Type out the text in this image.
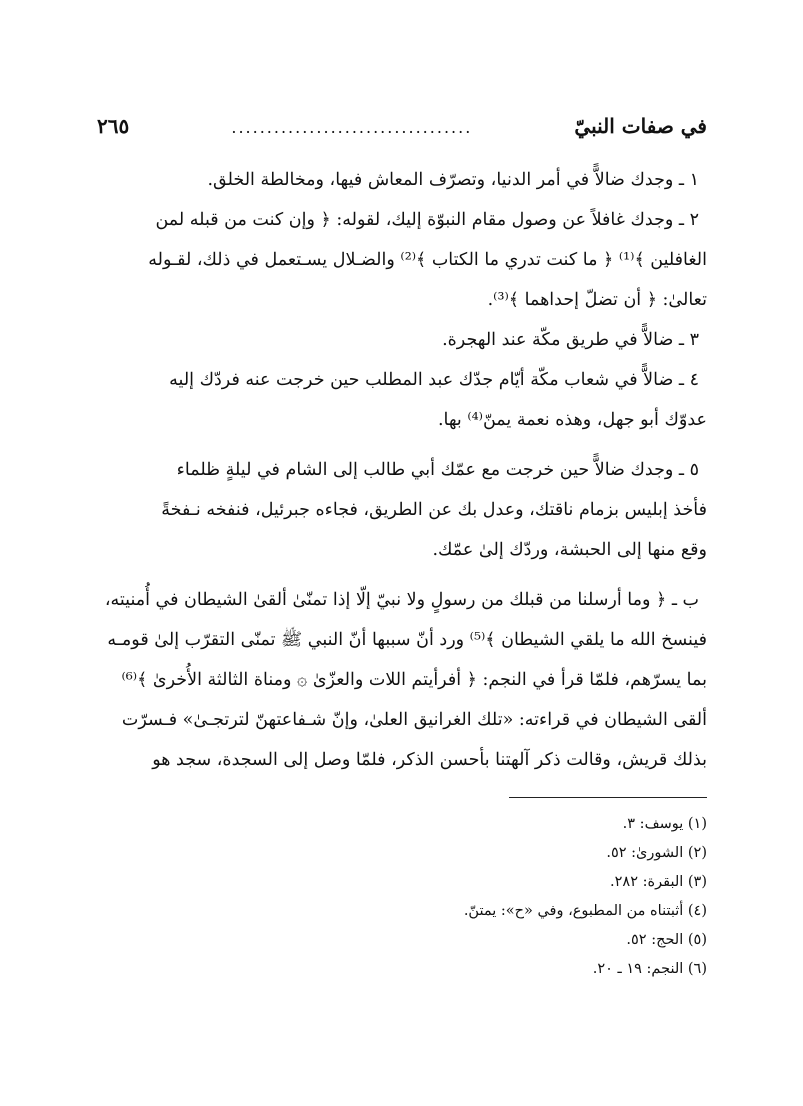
في صفات النبيّ
..................................
٢٦٥
١ ـ وجدك ضالاًّ في أمر الدنيا، وتصرّف المعاش فيها، ومخالطة الخلق.
٢ ـ وجدك غافلاً عن وصول مقام النبوّة إليك، لقوله: ﴿ وإن كنت من قبله لمن
الغافلين ﴾⁽¹⁾ ﴿ ما كنت تدري ما الكتاب ﴾⁽²⁾ والضـلال يسـتعمل في ذلك، لقـوله
تعالىٰ: ﴿ أن تضلّ إحداهما ﴾⁽³⁾.
٣ ـ ضالاًّ في طريق مكّة عند الهجرة.
٤ ـ ضالاًّ في شعاب مكّة أيّام جدّك عبد المطلب حين خرجت عنه فردّك إليه
عدوّك أبو جهل، وهذه نعمة يمنّ⁽⁴⁾ بها.
٥ ـ وجدك ضالاًّ حين خرجت مع عمّك أبي طالب إلى الشام في ليلةٍ ظلماء
فأخذ إبليس بزمام ناقتك، وعدل بك عن الطريق، فجاءه جبرئيل، فنفخه نـفخةً
وقع منها إلى الحبشة، وردّك إلىٰ عمّك.
ب ـ ﴿ وما أرسلنا من قبلك من رسولٍ ولا نبيّ إلّا إذا تمنّىٰ ألقىٰ الشيطان في أُمنيته،
فينسخ الله ما يلقي الشيطان ﴾⁽⁵⁾ ورد أنّ سببها أنّ النبي ﷺ تمنّى التقرّب إلىٰ قومـه
بما يسرّهم، فلمّا قرأ في النجم: ﴿ أفرأيتم اللات والعزّىٰ ۞ ومناة الثالثة الأُخرىٰ ﴾⁽⁶⁾
ألقى الشيطان في قراءته: «تلك الغرانيق العلىٰ، وإنّ شـفاعتهنّ لترتجـىٰ» فـسرّت
بذلك قريش، وقالت ذكر آلهتنا بأحسن الذكر، فلمّا وصل إلى السجدة، سجد هو
(١) يوسف: ٣.
(٢) الشورىٰ: ٥٢.
(٣) البقرة: ٢٨٢.
(٤) أثبتناه من المطبوع، وفي «ح»: يمتنّ.
(٥) الحج: ٥٢.
(٦) النجم: ١٩ ـ ٢٠.
